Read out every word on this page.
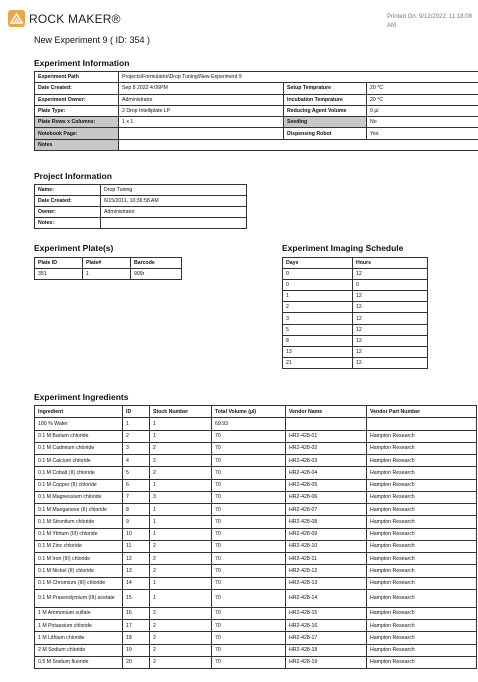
ROCK MAKER®	Printed On: 9/12/2022, 11:18:08
AM
New Experiment 9 ( ID: 354 )
Experiment Information
Experiment Path	Projects\Formulatrix\Drop Tuning\New Experiment 9		
Date Created:	Sep 8 2022 4:06PM	Setup Temprature	20 °C
Experiment Owner:	Administrator	Incubation Temprature	20 °C
Plate Type:	2 Drop Intelliplate LP	Reducing Agent Volume	0 µl
Plate Rows x Columns:	1 x 1	Seeding	No
Notebook Page:		Dispensing Robot	Yes
Notes			
Project Information
Name:	Drop Tuning
Date Created:	6/15/2011, 10:36:58 AM
Owner:	Administrator
Notes:	
Experiment Plate(s)
Plate ID	Plate#	Barcode
351	1	909r
Experiment Imaging Schedule
Days	Hours
0	12
0	0
1	12
2	12
3	12
5	12
8	12
13	12
21	12
Experiment Ingredients
Ingredient	ID	Stock Number	Total Volume (µl)	Vendor Name	Vendor Part Number
100 % Water	1	1	69.93		
0.1 M Barium chloride	2	1	70	HR2-428-01	Hampton Research
0.1 M Cadmium chloride	3	2	70	HR2-428-02	Hampton Research
0.1 M Calcium chloride	4	2	70	HR2-428-03	Hampton Research
0.1 M Cobalt (II) chloride	5	2	70	HR2-428-04	Hampton Research
0.1 M Copper (II) chloride	6	1	70	HR2-428-05	Hampton Research
0.1 M Magnessium chloride	7	3	70	HR2-428-06	Hampton Research
0.1 M Manganese (II) chloride	8	1	70	HR2-428-07	Hampton Research
0.1 M Strontium chloride	9	1	70	HR2-428-08	Hampton Research
0.1 M Yttrium (III) chloride	10	1	70	HR2-428-09	Hampton Research
0.1 M Zinc chloride	11	2	70	HR2-428-10	Hampton Research
0.1 M Iron (III) chloride	12	2	70	HR2-428-11	Hampton Research
0.1 M Nickel (II) chloride	13	2	70	HR2-428-12	Hampton Research
0.1 M Chromium (III) chloride	14	1	70	HR2-428-13	Hampton Research
0.1 M Praseodymium (III) acetate	15	1	70	HR2-428-14	Hampton Research
1 M Ammonium sulfate	16	2	70	HR2-428-15	Hampton Research
1 M Potassium chloride	17	2	70	HR2-428-16	Hampton Research
1 M Lithium chloride	18	2	70	HR2-428-17	Hampton Research
2 M Sodium chloride	19	2	70	HR2-428-18	Hampton Research
0.5 M Sodium fluoride	20	2	70	HR2-428-19	Hampton Research
